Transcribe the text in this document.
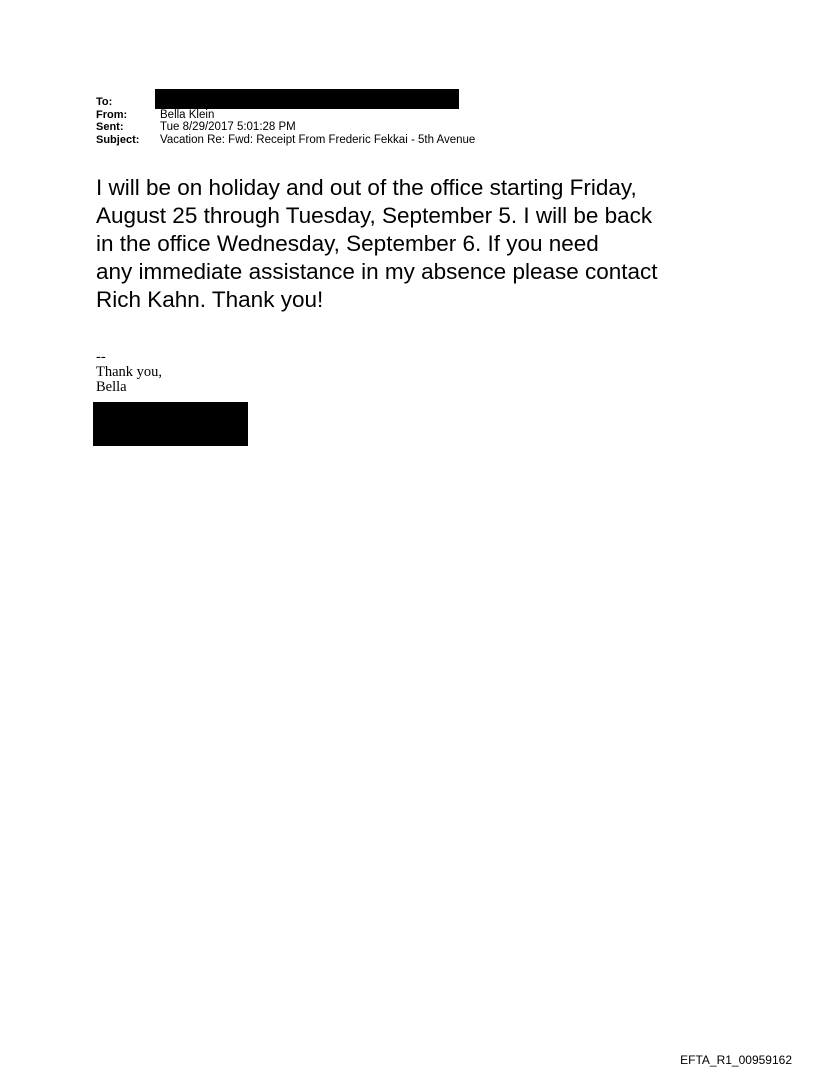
To:
From:	Bella Klein
Sent:	Tue 8/29/2017 5:01:28 PM
Subject:	Vacation Re: Fwd: Receipt From Frederic Fekkai - 5th Avenue
I will be on holiday and out of the office starting Friday,
August 25 through Tuesday, September 5. I will be back
in the office Wednesday, September 6. If you need
any immediate assistance in my absence please contact
Rich Kahn. Thank you!
--
Thank you,
Bella
EFTA_R1_00959162
